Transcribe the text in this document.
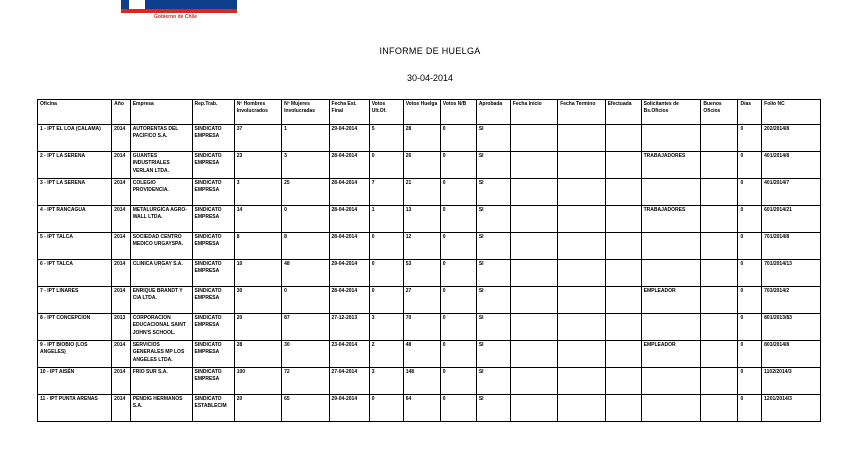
Gobierno de Chile
INFORME DE HUELGA
30-04-2014
Oficina	Año	Empresa	Rep.Trab.	Nº Hombres Involucrados	Nº Mujeres Involucradas	Fecha Est. Final	Votos Ult.Of.	Votos Huelga	Votos N/B	Aprobada	Fecha Inicio	Fecha Termino	Efectuada	Solicitantes de Bs.Oficios	Buenos Oficios	Días	Folio NC
1 - IPT EL LOA (CALAMA)	2014	AUTORENTAS DEL PACIFICO S.A.	SINDICATO EMPRESA	37	1	29-04-2014	5	28	0	SI						0	202/2014/8
2 - IPT LA SERENA	2014	GUANTES INDUSTRIALES VERLAN LTDA.	SINDICATO EMPRESA	23	3	28-04-2014	0	26	0	SI				TRABAJADORES		0	401/2014/8
3 - IPT LA SERENA	2014	COLEGIO PROVIDENCIA.	SINDICATO EMPRESA	3	25	28-04-2014	7	21	0	SI						0	401/2014/7
4 - IPT RANCAGUA	2014	METALURGICA AGRO-WALL LTDA.	SINDICATO EMPRESA	14	0	28-04-2014	1	13	0	SI				TRABAJADORES		0	601/2014/21
5 - IPT TALCA	2014	SOCIEDAD CENTRO MEDICO URGAYSPA.	SINDICATO EMPRESA	8	8	28-04-2014	0	12	0	SI						0	701/2014/8
6 - IPT TALCA	2014	CLINICA URGAY S.A.	SINDICATO EMPRESA	10	48	29-04-2014	0	53	0	SI						0	701/2014/13
7 - IPT LINARES	2014	ENRIQUE BRANDT Y CIA LTDA.	SINDICATO EMPRESA	30	0	28-04-2014	0	27	0	SI				EMPLEADOR		0	703/2014/2
8 - IPT CONCEPCION	2013	CORPORACION EDUCACIONAL SAINT JOHN'S SCHOOL.	SINDICATO EMPRESA	20	87	27-12-2013	3	70	0	SI						0	801/2013/83
9 - IPT BIOBIO (LOS ANGELES)	2014	SERVICIOS GENERALES MP LOS ANGELES LTDA.	SINDICATO EMPRESA	28	30	23-04-2014	2	48	0	SI				EMPLEADOR		0	803/2014/8
10 - IPT AISÉN	2014	FRIO SUR S.A.	SINDICATO EMPRESA	100	72	27-04-2014	3	148	0	SI						0	1102/2014/3
11 - IPT PUNTA ARENAS	2014	PENDIG HERMANOS S.A.	SINDICATO ESTABLECIM	20	65	29-04-2014	0	64	0	SI						0	1201/2014/3
